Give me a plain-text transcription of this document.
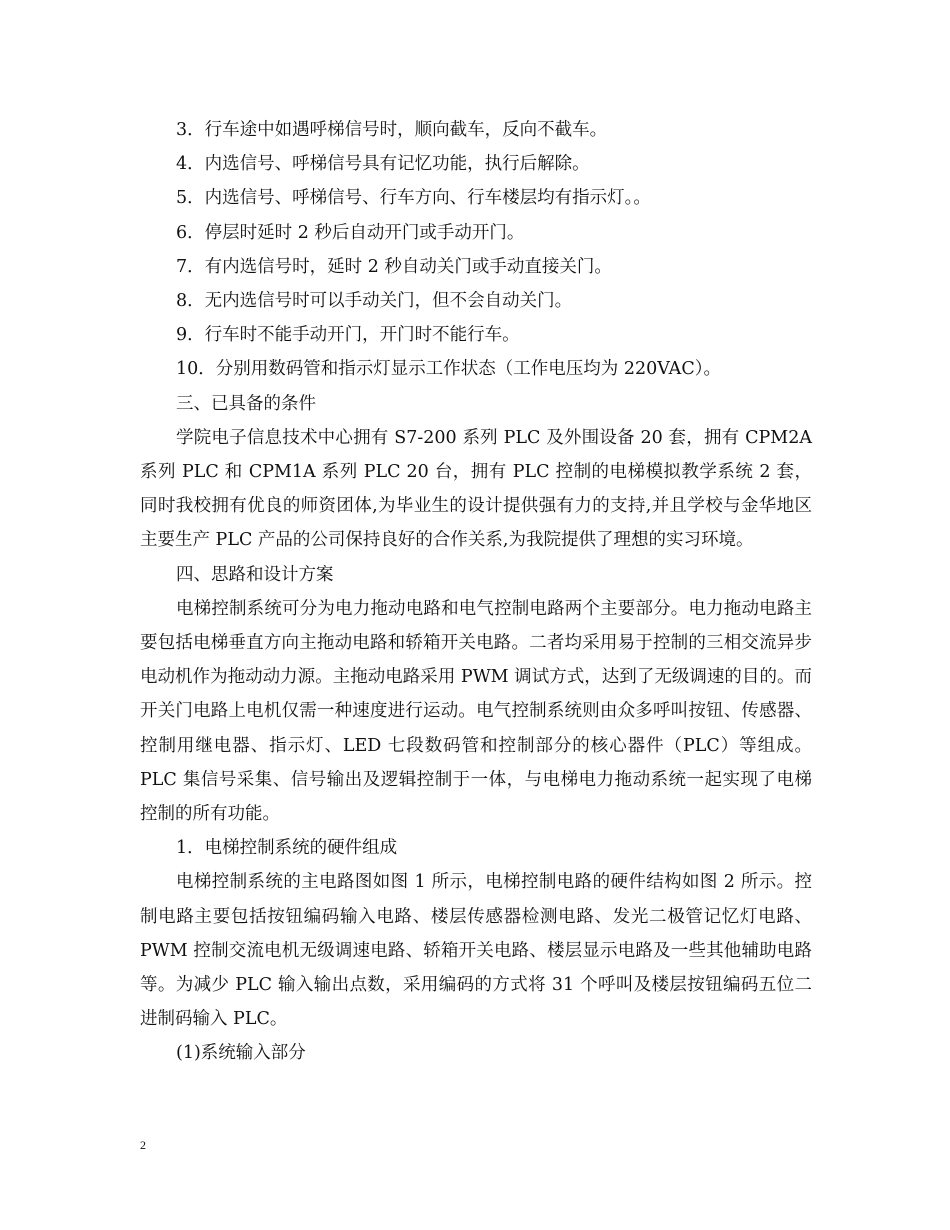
3．行车途中如遇呼梯信号时，顺向截车，反向不截车。

4．内选信号、呼梯信号具有记忆功能，执行后解除。

5．内选信号、呼梯信号、行车方向、行车楼层均有指示灯。。

6．停层时延时 2 秒后自动开门或手动开门。

7．有内选信号时，延时 2 秒自动关门或手动直接关门。

8．无内选信号时可以手动关门，但不会自动关门。

9．行车时不能手动开门，开门时不能行车。

10．分别用数码管和指示灯显示工作状态（工作电压均为 220VAC）。

三、已具备的条件

学院电子信息技术中心拥有 S7-200 系列 PLC 及外围设备 20 套，拥有 CPM2A 系列 PLC 和 CPM1A 系列 PLC 20 台，拥有 PLC 控制的电梯模拟教学系统 2 套，同时我校拥有优良的师资团体,为毕业生的设计提供强有力的支持,并且学校与金华地区主要生产 PLC 产品的公司保持良好的合作关系,为我院提供了理想的实习环境。

四、思路和设计方案

电梯控制系统可分为电力拖动电路和电气控制电路两个主要部分。电力拖动电路主要包括电梯垂直方向主拖动电路和轿箱开关电路。二者均采用易于控制的三相交流异步电动机作为拖动动力源。主拖动电路采用 PWM 调试方式，达到了无级调速的目的。而开关门电路上电机仅需一种速度进行运动。电气控制系统则由众多呼叫按钮、传感器、控制用继电器、指示灯、LED 七段数码管和控制部分的核心器件（PLC）等组成。PLC 集信号采集、信号输出及逻辑控制于一体，与电梯电力拖动系统一起实现了电梯控制的所有功能。

1．电梯控制系统的硬件组成

电梯控制系统的主电路图如图 1 所示，电梯控制电路的硬件结构如图 2 所示。控制电路主要包括按钮编码输入电路、楼层传感器检测电路、发光二极管记忆灯电路、PWM 控制交流电机无级调速电路、轿箱开关电路、楼层显示电路及一些其他辅助电路等。为减少 PLC 输入输出点数，采用编码的方式将 31 个呼叫及楼层按钮编码五位二进制码输入 PLC。

(1)系统输入部分

2
